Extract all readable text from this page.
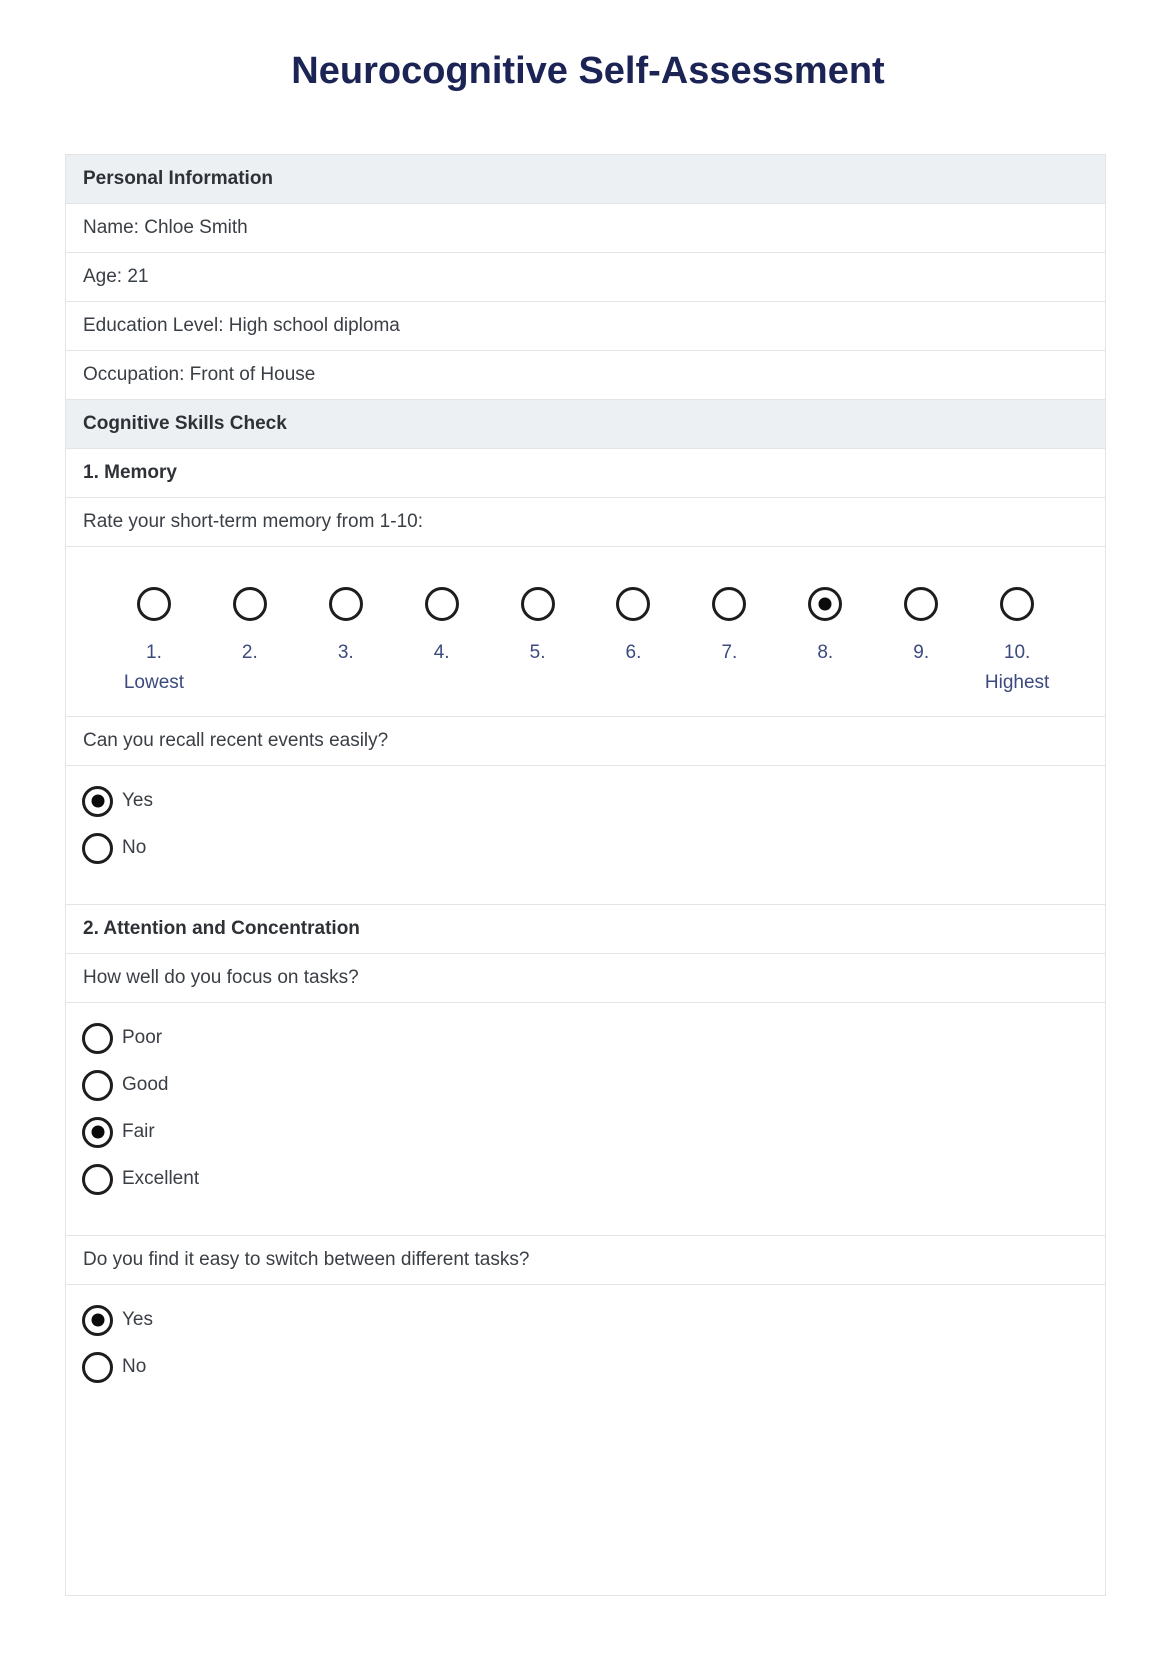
Neurocognitive Self-Assessment
Personal Information
Name: Chloe Smith
Age: 21
Education Level: High school diploma
Occupation: Front of House
Cognitive Skills Check
1. Memory
Rate your short-term memory from 1-10:
1.
Lowest
2.	3.	4.	5.	6.	7.	8.	9.	10.
Highest
Can you recall recent events easily?
Yes
No
2. Attention and Concentration
How well do you focus on tasks?
Poor
Good
Fair
Excellent
Do you find it easy to switch between different tasks?
Yes
No
